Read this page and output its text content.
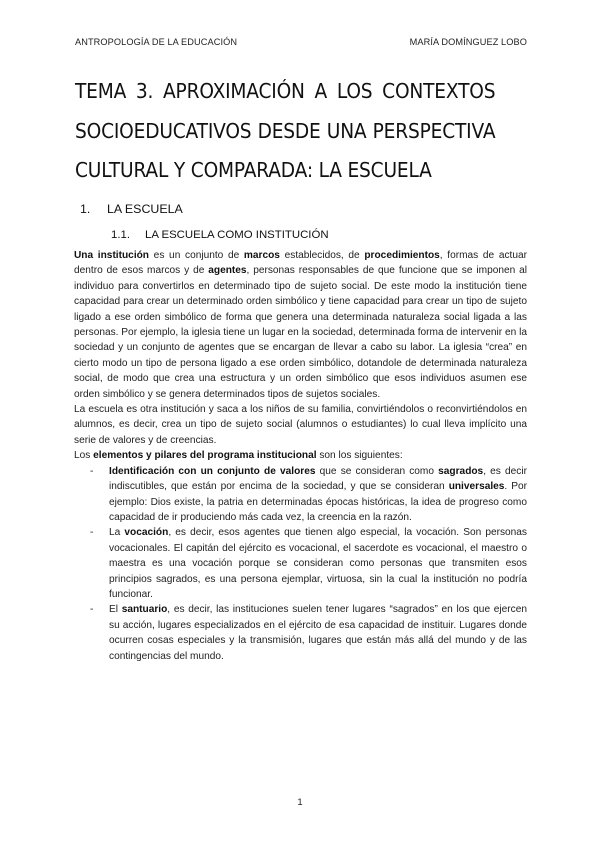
ANTROPOLOGÍA DE LA EDUCACIÓN	MARÍA DOMÍNGUEZ LOBO
TEMA 3. APROXIMACIÓN A LOS CONTEXTOS SOCIOEDUCATIVOS DESDE UNA PERSPECTIVA CULTURAL Y COMPARADA: LA ESCUELA
1.	LA ESCUELA
1.1.	LA ESCUELA COMO INSTITUCIÓN

Una institución es un conjunto de marcos establecidos, de procedimientos, formas de actuar dentro de esos marcos y de agentes, personas responsables de que funcione que se imponen al individuo para convertirlos en determinado tipo de sujeto social. De este modo la institución tiene capacidad para crear un determinado orden simbólico y tiene capacidad para crear un tipo de sujeto ligado a ese orden simbólico de forma que genera una determinada naturaleza social ligada a las personas. Por ejemplo, la iglesia tiene un lugar en la sociedad, determinada forma de intervenir en la sociedad y un conjunto de agentes que se encargan de llevar a cabo su labor. La iglesia “crea” en cierto modo un tipo de persona ligado a ese orden simbólico, dotandole de determinada naturaleza social, de modo que crea una estructura y un orden simbólico que esos individuos asumen ese orden simbólico y se genera determinados tipos de sujetos sociales.

La escuela es otra institución y saca a los niños de su familia, convirtiéndolos o reconvirtiéndolos en alumnos, es decir, crea un tipo de sujeto social (alumnos o estudiantes) lo cual lleva implícito una serie de valores y de creencias.

Los elementos y pilares del programa institucional son los siguientes:

- Identificación con un conjunto de valores que se consideran como sagrados, es decir indiscutibles, que están por encima de la sociedad, y que se consideran universales. Por ejemplo: Dios existe, la patria en determinadas épocas históricas, la idea de progreso como capacidad de ir produciendo más cada vez, la creencia en la razón.
- La vocación, es decir, esos agentes que tienen algo especial, la vocación. Son personas vocacionales. El capitán del ejército es vocacional, el sacerdote es vocacional, el maestro o maestra es una vocación porque se consideran como personas que transmiten esos principios sagrados, es una persona ejemplar, virtuosa, sin la cual la institución no podría funcionar.
- El santuario, es decir, las instituciones suelen tener lugares “sagrados” en los que ejercen su acción, lugares especializados en el ejército de esa capacidad de instituir. Lugares donde ocurren cosas especiales y la transmisión, lugares que están más allá del mundo y de las contingencias del mundo.
1
